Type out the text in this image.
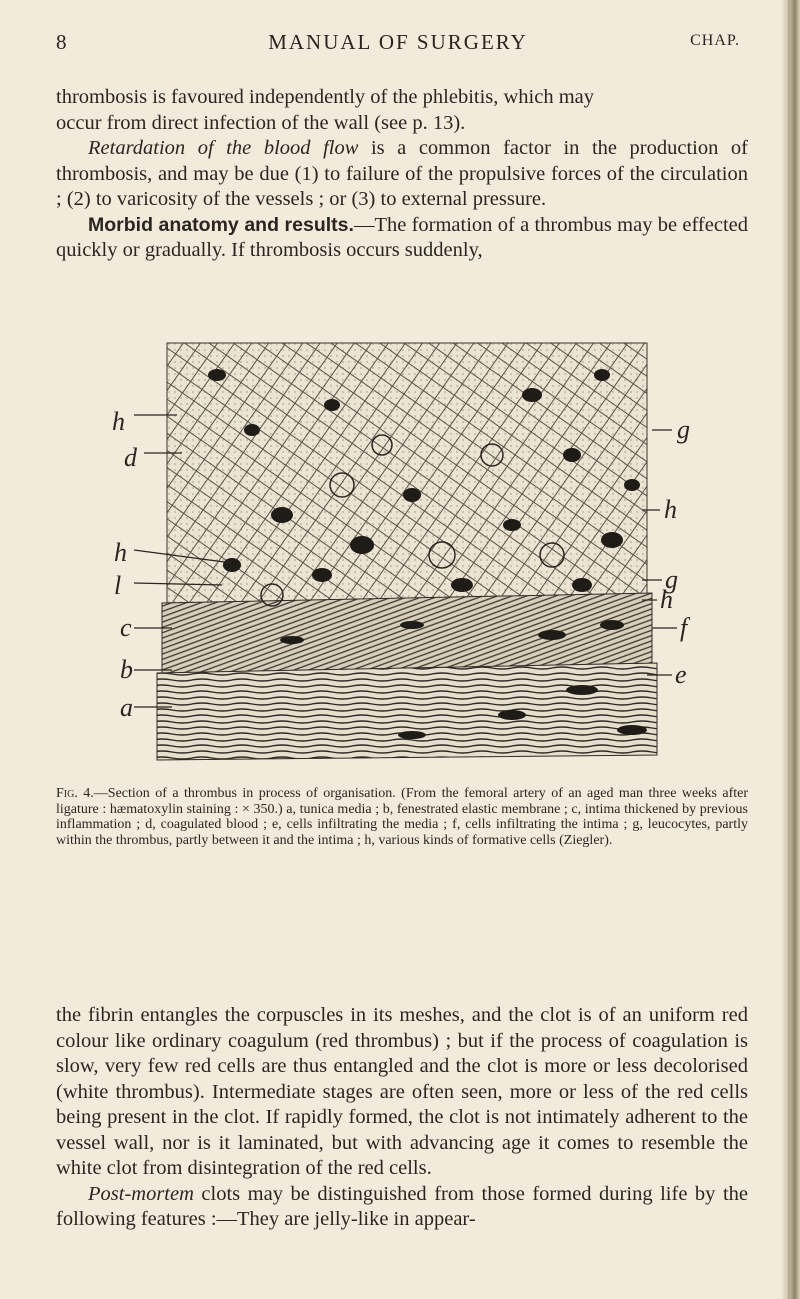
8	MANUAL OF SURGERY	CHAP.

thrombosis is favoured independently of the phlebitis, which may
occur from direct infection of the wall (see p. 13).

Retardation of the blood flow is a common factor in the production of thrombosis, and may be due (1) to failure of the propulsive forces of the circulation ; (2) to varicosity of the vessels ; or (3) to external pressure.

Morbid anatomy and results.—The formation of a thrombus may be effected quickly or gradually. If thrombosis occurs suddenly,

h
d
g
h
h
l	g
h
c	f
b	e
a
Fig. 4.—Section of a thrombus in process of organisation. (From the femoral artery of an aged man three weeks after ligature : hæmatoxylin staining : × 350.) a, tunica media ; b, fenestrated elastic membrane ; c, intima thickened by previous inflammation ; d, coagulated blood ; e, cells infiltrating the media ; f, cells infiltrating the intima ; g, leucocytes, partly within the thrombus, partly between it and the intima ; h, various kinds of formative cells (Ziegler).

the fibrin entangles the corpuscles in its meshes, and the clot is of an uniform red colour like ordinary coagulum (red thrombus) ; but if the process of coagulation is slow, very few red cells are thus entangled and the clot is more or less decolorised (white thrombus). Intermediate stages are often seen, more or less of the red cells being present in the clot. If rapidly formed, the clot is not intimately adherent to the vessel wall, nor is it laminated, but with advancing age it comes to resemble the white clot from disintegration of the red cells.

Post-mortem clots may be distinguished from those formed during life by the following features :—They are jelly-like in appear-
